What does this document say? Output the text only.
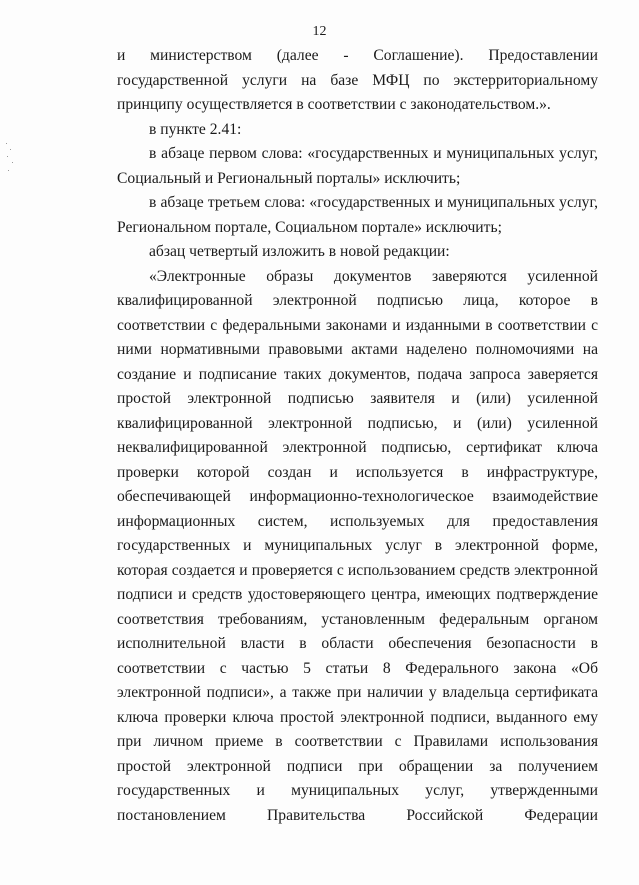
12

и министерством (далее - Соглашение). Предоставлении государственной услуги на базе МФЦ по экстерриториальному принципу осуществляется в соответствии с законодательством.».

в пункте 2.41:

в абзаце первом слова: «государственных и муниципальных услуг, Социальный и Региональный порталы» исключить;

в абзаце третьем слова: «государственных и муниципальных услуг, Региональном портале, Социальном портале» исключить;

абзац четвертый изложить в новой редакции:

«Электронные образы документов заверяются усиленной квалифицированной электронной подписью лица, которое в соответствии с федеральными законами и изданными в соответствии с ними нормативными правовыми актами наделено полномочиями на создание и подписание таких документов, подача запроса заверяется простой электронной подписью заявителя и (или) усиленной квалифицированной электронной подписью, и (или) усиленной неквалифицированной электронной подписью, сертификат ключа проверки которой создан и используется в инфраструктуре, обеспечивающей информационно-технологическое взаимодействие информационных систем, используемых для предоставления государственных и муниципальных услуг в электронной форме, которая создается и проверяется с использованием средств электронной подписи и средств удостоверяющего центра, имеющих подтверждение соответствия требованиям, установленным федеральным органом исполнительной власти в области обеспечения безопасности в соответствии с частью 5 статьи 8 Федерального закона «Об электронной подписи», а также при наличии у владельца сертификата ключа проверки ключа простой электронной подписи, выданного ему при личном приеме в соответствии с Правилами использования простой электронной подписи при обращении за получением государственных и муниципальных услуг, утвержденными постановлением Правительства Российской Федерации
